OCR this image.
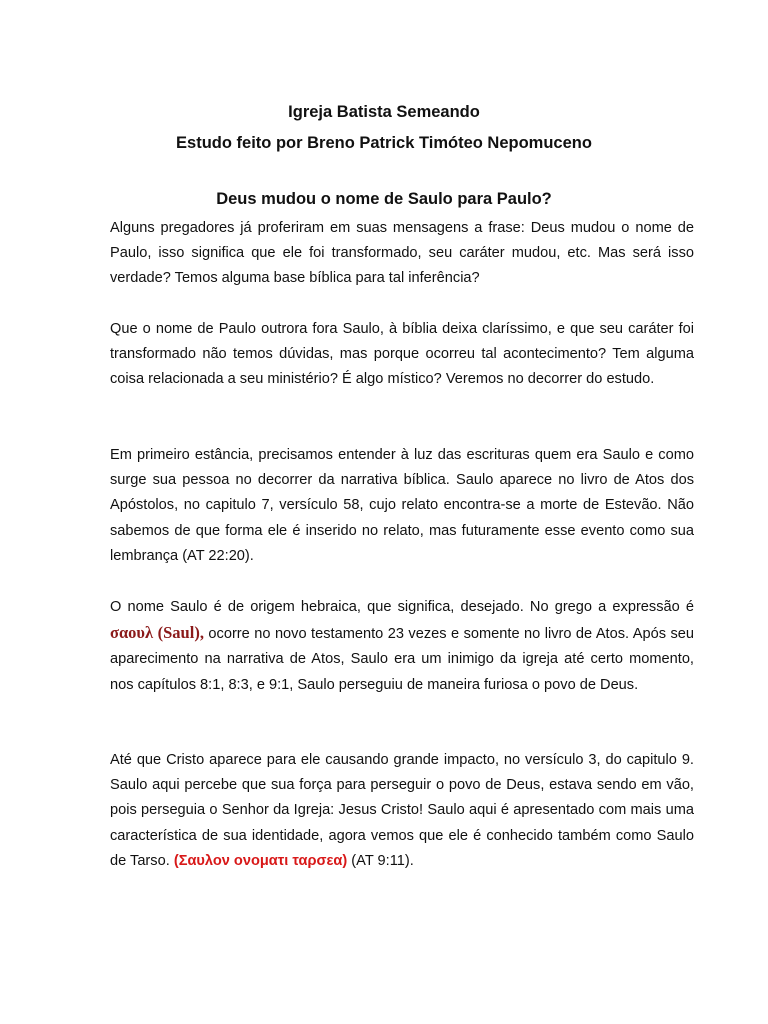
Igreja Batista Semeando
Estudo feito por Breno Patrick Timóteo Nepomuceno
Deus mudou o nome de Saulo para Paulo?

Alguns pregadores já proferiram em suas mensagens a frase: Deus mudou o nome de Paulo, isso significa que ele foi transformado, seu caráter mudou, etc. Mas será isso verdade? Temos alguma base bíblica para tal inferência?

Que o nome de Paulo outrora fora Saulo, à bíblia deixa claríssimo, e que seu caráter foi transformado não temos dúvidas, mas porque ocorreu tal acontecimento? Tem alguma coisa relacionada a seu ministério? É algo místico? Veremos no decorrer do estudo.

Em primeiro estância, precisamos entender à luz das escrituras quem era Saulo e como surge sua pessoa no decorrer da narrativa bíblica. Saulo aparece no livro de Atos dos Apóstolos, no capitulo 7, versículo 58, cujo relato encontra-se a morte de Estevão. Não sabemos de que forma ele é inserido no relato, mas futuramente esse evento como sua lembrança (AT 22:20).

O nome Saulo é de origem hebraica, que significa, desejado. No grego a expressão é σαουλ (Saul), ocorre no novo testamento 23 vezes e somente no livro de Atos. Após seu aparecimento na narrativa de Atos, Saulo era um inimigo da igreja até certo momento, nos capítulos 8:1, 8:3, e 9:1, Saulo perseguiu de maneira furiosa o povo de Deus.

Até que Cristo aparece para ele causando grande impacto, no versículo 3, do capitulo 9. Saulo aqui percebe que sua força para perseguir o povo de Deus, estava sendo em vão, pois perseguia o Senhor da Igreja: Jesus Cristo! Saulo aqui é apresentado com mais uma característica de sua identidade, agora vemos que ele é conhecido também como Saulo de Tarso. (Σαυλον ονοματι ταρσεα) (AT 9:11).
